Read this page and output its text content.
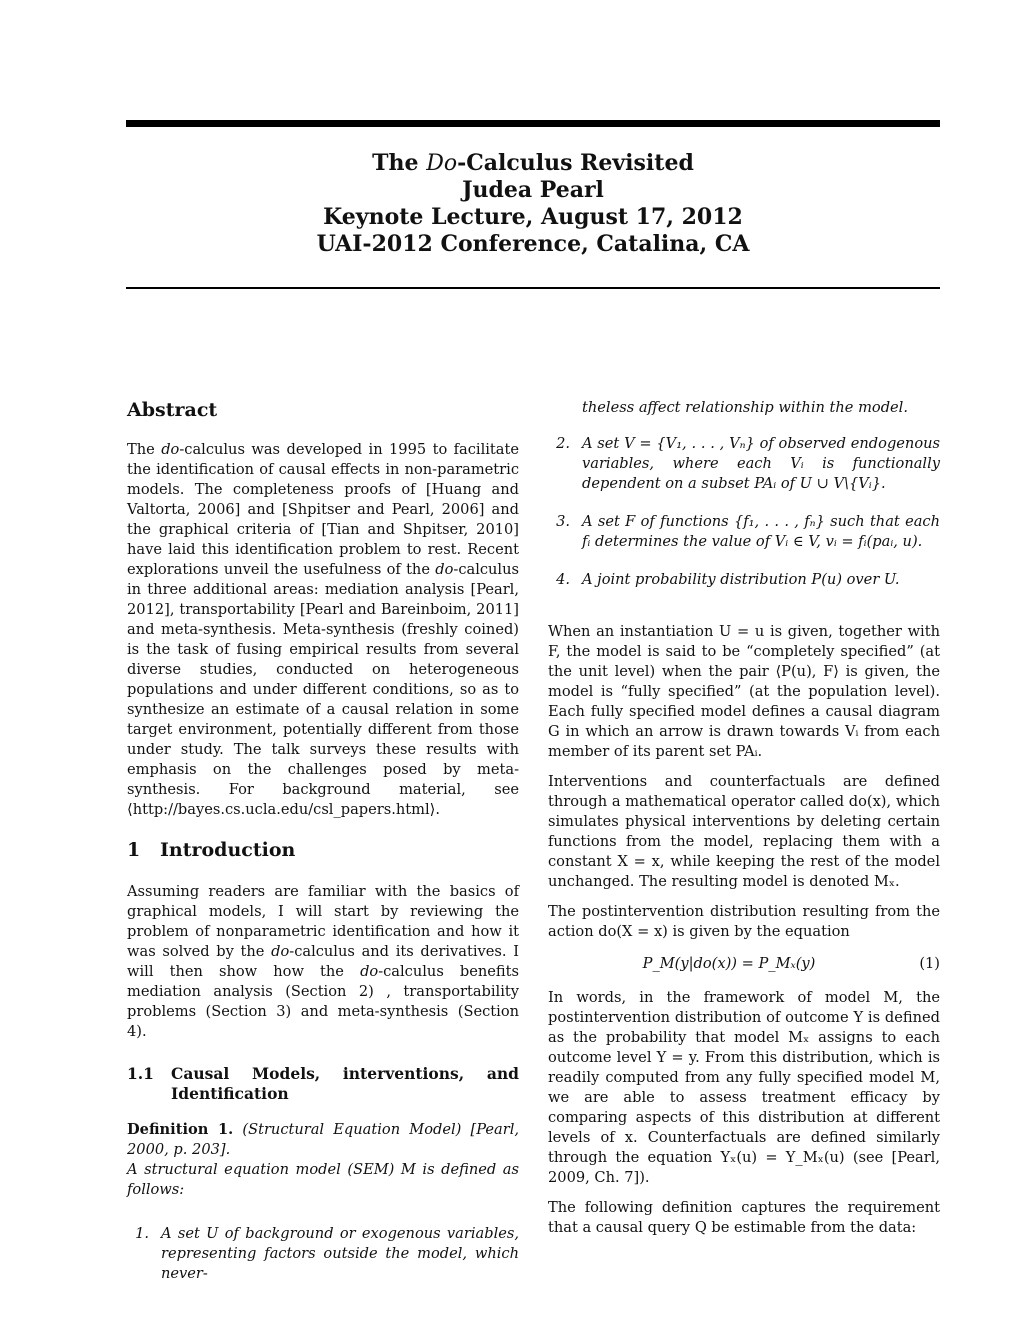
The Do-Calculus Revisited
Judea Pearl
Keynote Lecture, August 17, 2012
UAI-2012 Conference, Catalina, CA
Abstract

The do-calculus was developed in 1995 to facilitate the identification of causal effects in non-parametric models. The completeness proofs of [Huang and Valtorta, 2006] and [Shpitser and Pearl, 2006] and the graphical criteria of [Tian and Shpitser, 2010] have laid this identification problem to rest. Recent explorations unveil the usefulness of the do-calculus in three additional areas: mediation analysis [Pearl, 2012], transportability [Pearl and Bareinboim, 2011] and meta-synthesis. Meta-synthesis (freshly coined) is the task of fusing empirical results from several diverse studies, conducted on heterogeneous populations and under different conditions, so as to synthesize an estimate of a causal relation in some target environment, potentially different from those under study. The talk surveys these results with emphasis on the challenges posed by meta-synthesis. For background material, see ⟨http://bayes.cs.ucla.edu/csl_papers.html⟩.

1	Introduction

Assuming readers are familiar with the basics of graphical models, I will start by reviewing the problem of nonparametric identification and how it was solved by the do-calculus and its derivatives. I will then show how the do-calculus benefits mediation analysis (Section 2) , transportability problems (Section 3) and meta-synthesis (Section 4).

1.1	Causal Models, interventions, and Identification

Definition 1. (Structural Equation Model) [Pearl, 2000, p. 203].
A structural equation model (SEM) M is defined as follows:

1. A set U of background or exogenous variables, representing factors outside the model, which never-
theless affect relationship within the model.
2. A set V = {V₁, . . . , Vₙ} of observed endogenous variables, where each Vᵢ is functionally dependent on a subset PAᵢ of U ∪ V\{Vᵢ}.
3. A set F of functions {f₁, . . . , fₙ} such that each fᵢ determines the value of Vᵢ ∈ V, vᵢ = fᵢ(paᵢ, u).
4. A joint probability distribution P(u) over U.

When an instantiation U = u is given, together with F, the model is said to be “completely specified” (at the unit level) when the pair ⟨P(u), F⟩ is given, the model is “fully specified” (at the population level). Each fully specified model defines a causal diagram G in which an arrow is drawn towards Vᵢ from each member of its parent set PAᵢ.

Interventions and counterfactuals are defined through a mathematical operator called do(x), which simulates physical interventions by deleting certain functions from the model, replacing them with a constant X = x, while keeping the rest of the model unchanged. The resulting model is denoted Mₓ.

The postintervention distribution resulting from the action do(X = x) is given by the equation

P_M(y|do(x)) = P_Mₓ(y)	(1)

In words, in the framework of model M, the postintervention distribution of outcome Y is defined as the probability that model Mₓ assigns to each outcome level Y = y. From this distribution, which is readily computed from any fully specified model M, we are able to assess treatment efficacy by comparing aspects of this distribution at different levels of x. Counterfactuals are defined similarly through the equation Yₓ(u) = Y_Mₓ(u) (see [Pearl, 2009, Ch. 7]).

The following definition captures the requirement that a causal query Q be estimable from the data:
